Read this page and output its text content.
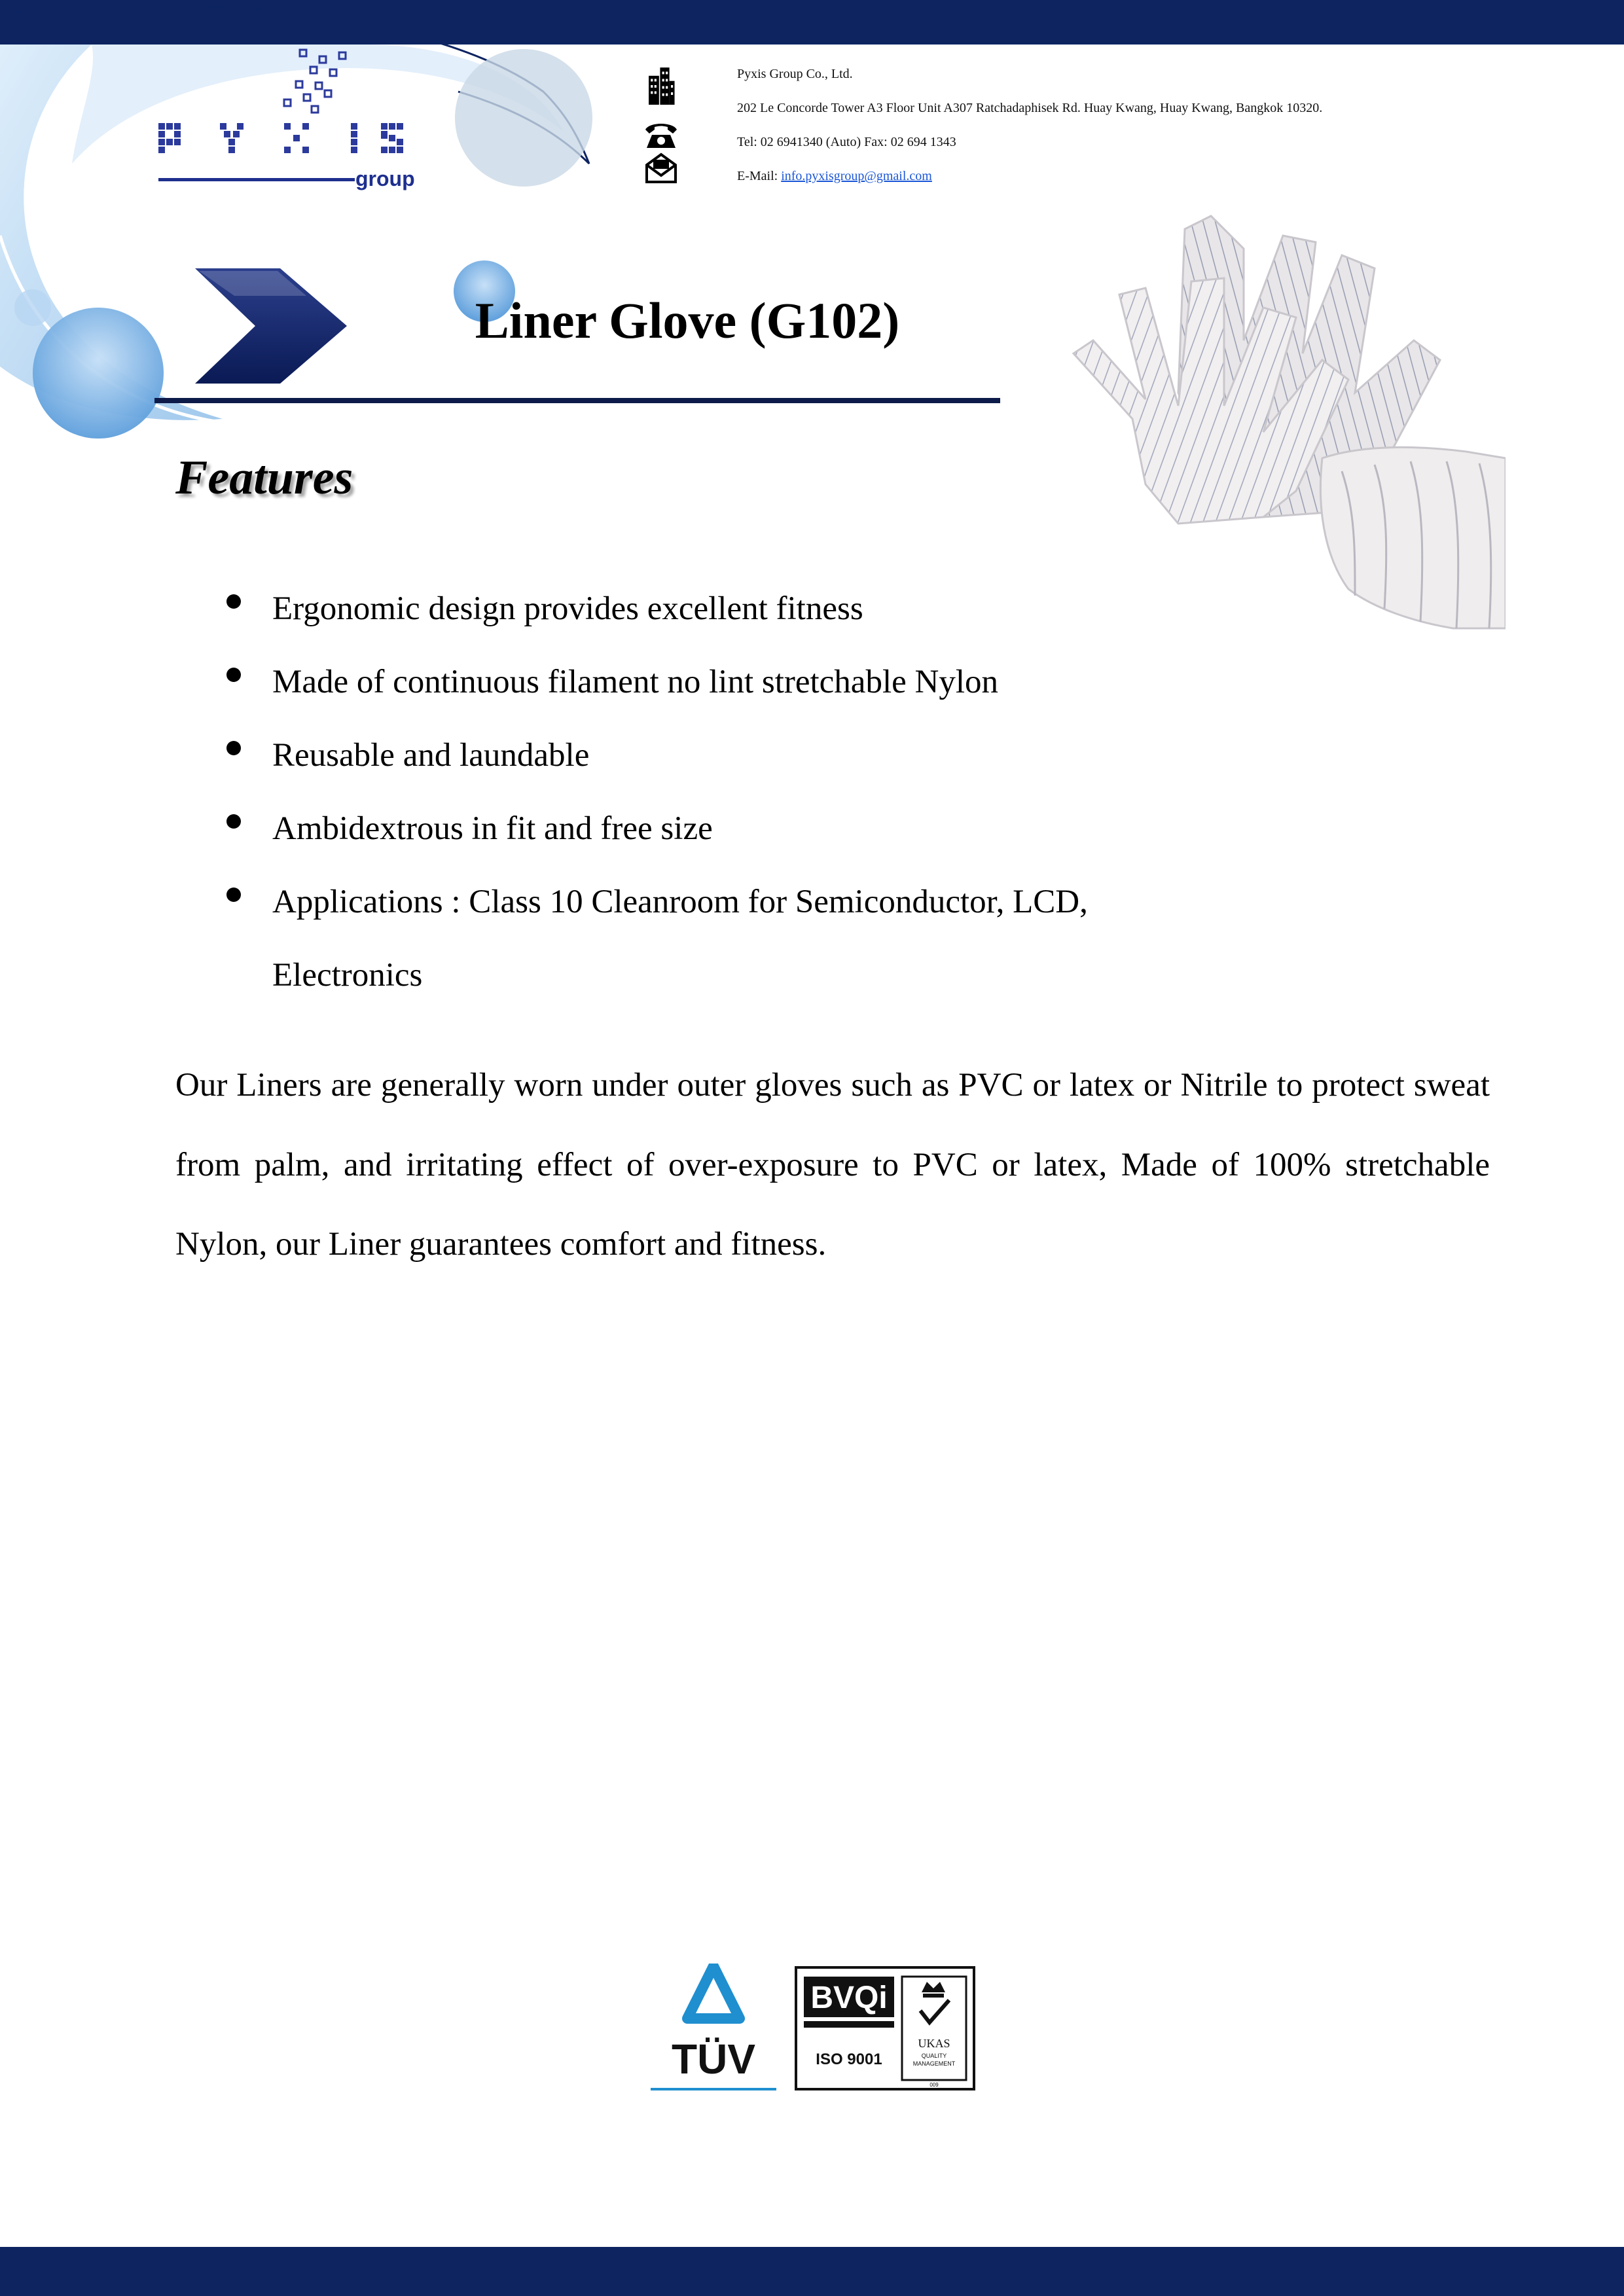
group
Pyxis Group Co., Ltd.
202 Le Concorde Tower A3 Floor Unit A307 Ratchadaphisek Rd. Huay Kwang, Huay Kwang, Bangkok 10320.
Tel: 02 6941340 (Auto) Fax: 02 694 1343
E-Mail: info.pyxisgroup@gmail.com
Liner Glove (G102)
Features
Ergonomic design provides excellent fitness
Made of continuous filament no lint stretchable Nylon
Reusable and laundable
Ambidextrous in fit and free size
Applications : Class 10 Cleanroom for Semiconductor, LCD, Electronics
Our Liners are generally worn under outer gloves such as PVC or latex or Nitrile to protect sweat from palm, and irritating effect of over-exposure to PVC or latex, Made of 100% stretchable Nylon, our Liner guarantees comfort and fitness.
TÜV
BVQi
ISO 9001
UKAS
QUALITY
MANAGEMENT
009
